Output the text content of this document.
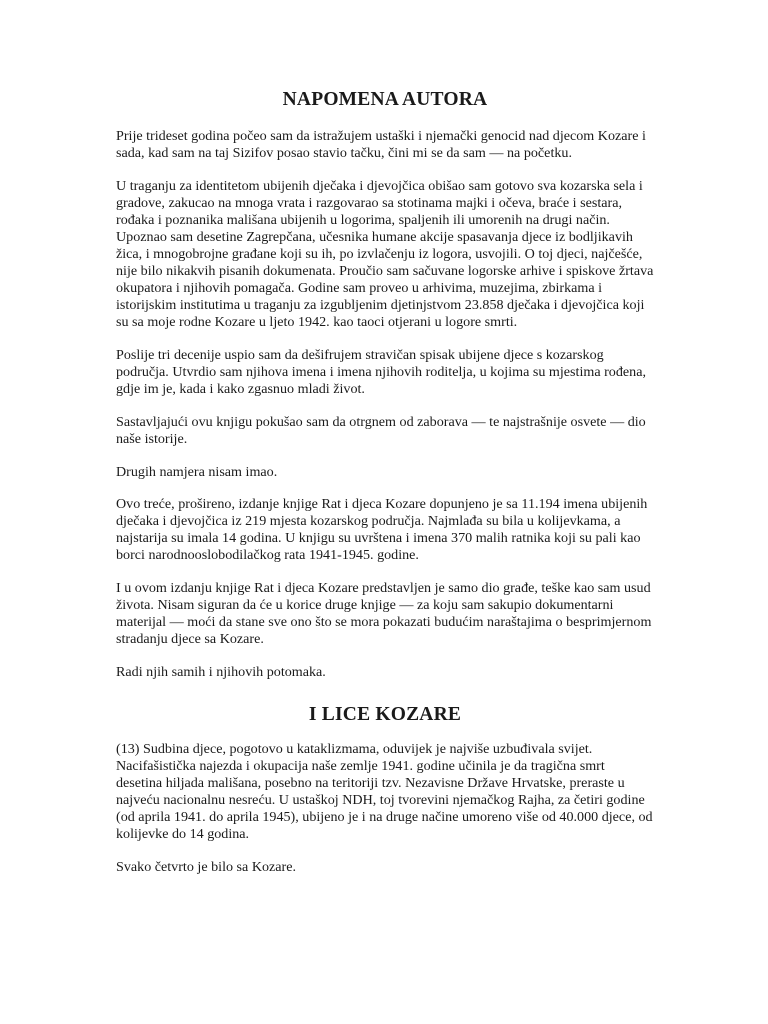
NAPOMENA AUTORA

Prije trideset godina počeo sam da istražujem ustaški i njemački genocid nad djecom Kozare i sada, kad sam na taj Sizifov posao stavio tačku, čini mi se da sam — na početku.

U traganju za identitetom ubijenih dječaka i djevojčica obišao sam gotovo sva kozarska sela i gradove, zakucao na mnoga vrata i razgovarao sa stotinama majki i očeva, braće i sestara, rođaka i poznanika mališana ubijenih u logorima, spaljenih ili umorenih na drugi način. Upoznao sam desetine Zagrepčana, učesnika humane akcije spasavanja djece iz bodljikavih žica, i mnogobrojne građane koji su ih, po izvlačenju iz logora, usvojili. O toj djeci, najčešće, nije bilo nikakvih pisanih dokumenata. Proučio sam sačuvane logorske arhive i spiskove žrtava okupatora i njihovih pomagača. Godine sam proveo u arhivima, muzejima, zbirkama i istorijskim institutima u traganju za izgubljenim djetinjstvom 23.858 dječaka i djevojčica koji su sa moje rodne Kozare u ljeto 1942. kao taoci otjerani u logore smrti.

Poslije tri decenije uspio sam da dešifrujem stravičan spisak ubijene djece s kozarskog područja. Utvrdio sam njihova imena i imena njihovih roditelja, u kojima su mjestima rođena, gdje im je, kada i kako zgasnuo mladi život.

Sastavljajući ovu knjigu pokušao sam da otrgnem od zaborava — te najstrašnije osvete — dio naše istorije.

Drugih namjera nisam imao.

Ovo treće, prošireno, izdanje knjige Rat i djeca Kozare dopunjeno je sa 11.194 imena ubijenih dječaka i djevojčica iz 219 mjesta kozarskog područja. Najmlađa su bila u kolijevkama, a najstarija su imala 14 godina. U knjigu su uvrštena i imena 370 malih ratnika koji su pali kao borci narodnooslobodilačkog rata 1941-1945. godine.

I u ovom izdanju knjige Rat i djeca Kozare predstavljen je samo dio građe, teške kao sam usud života. Nisam siguran da će u korice druge knjige — za koju sam sakupio dokumentarni materijal — moći da stane sve ono što se mora pokazati budućim naraštajima o besprimjernom stradanju djece sa Kozare.

Radi njih samih i njihovih potomaka.

I LICE KOZARE

(13) Sudbina djece, pogotovo u kataklizmama, oduvijek je najviše uzbuđivala svijet. Nacifašistička najezda i okupacija naše zemlje 1941. godine učinila je da tragična smrt desetina hiljada mališana, posebno na teritoriji tzv. Nezavisne Države Hrvatske, preraste u najveću nacionalnu nesreću. U ustaškoj NDH, toj tvorevini njemačkog Rajha, za četiri godine (od aprila 1941. do aprila 1945), ubijeno je i na druge načine umoreno više od 40.000 djece, od kolijevke do 14 godina.

Svako četvrto je bilo sa Kozare.
